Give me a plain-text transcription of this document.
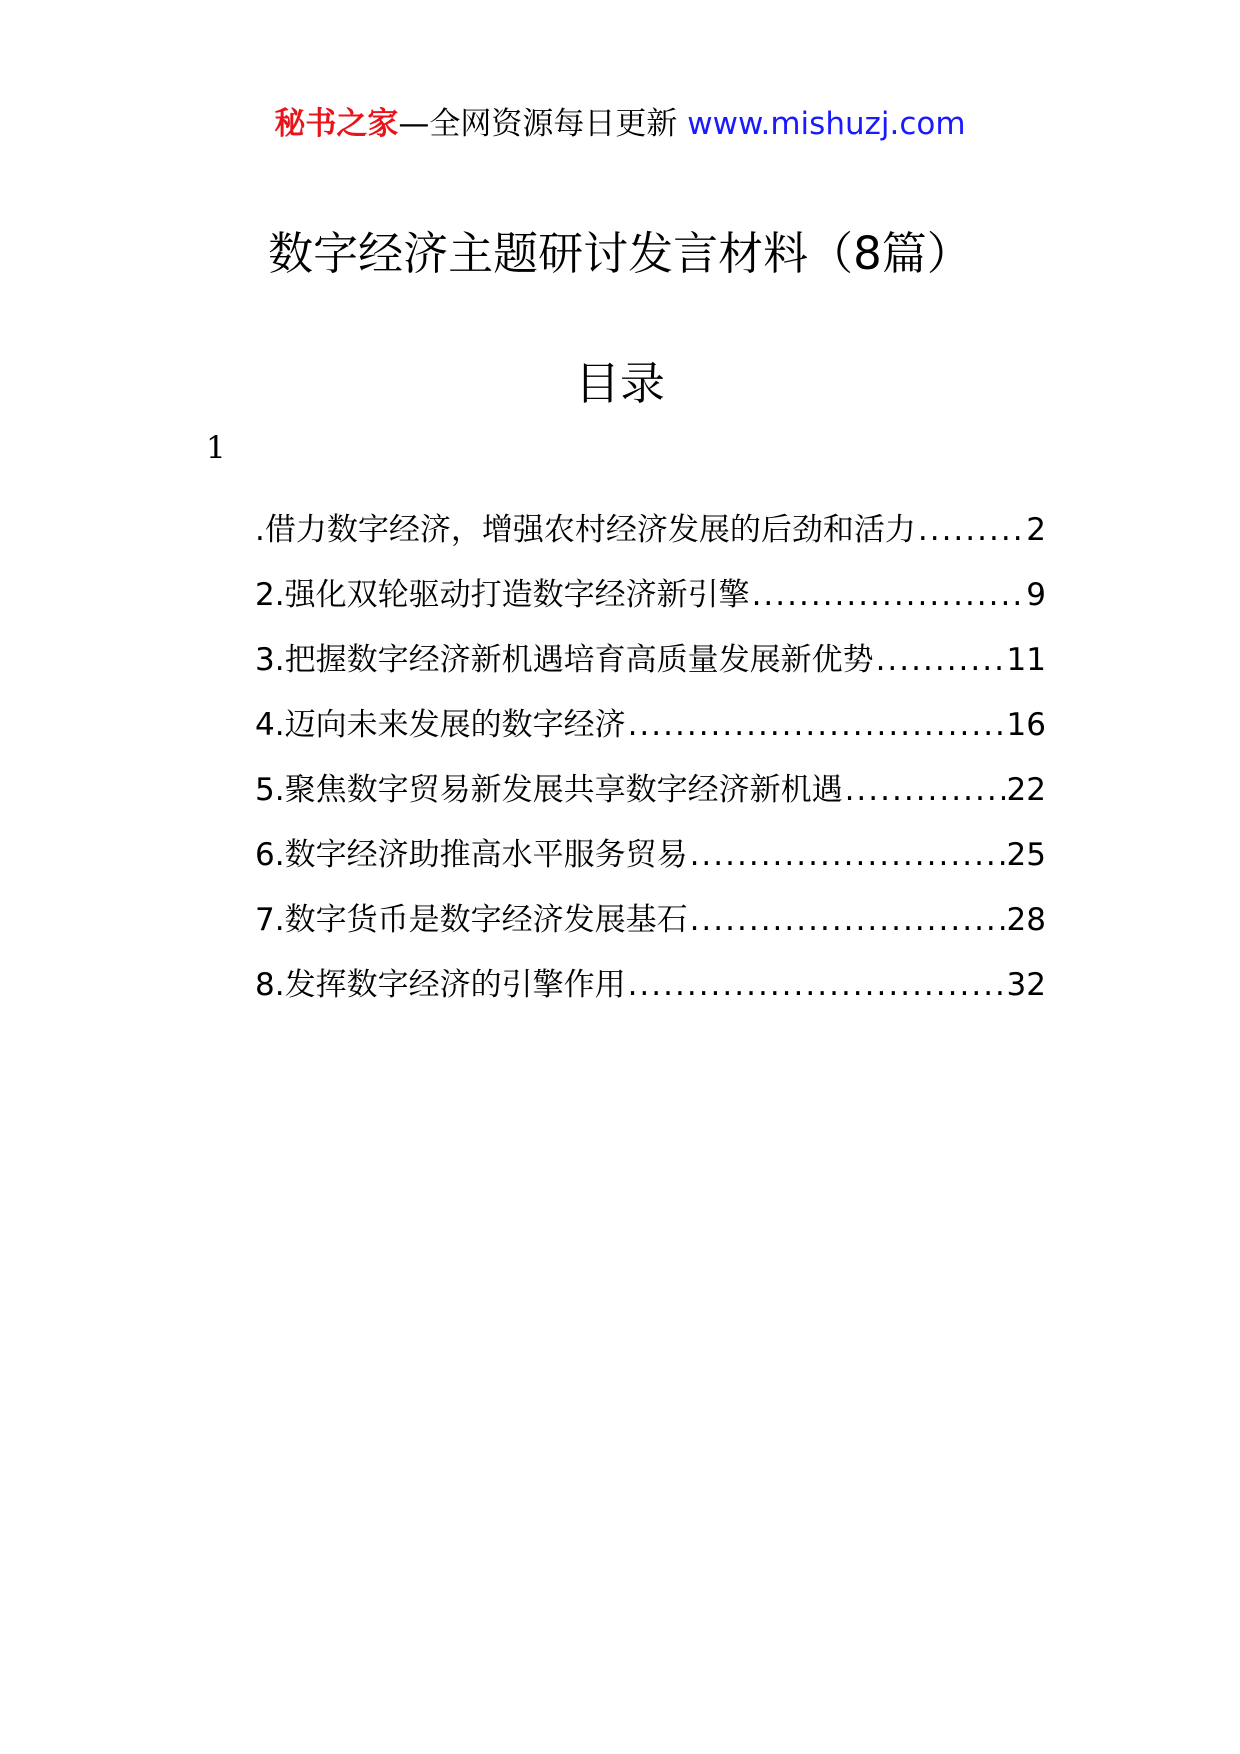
秘书之家—全网资源每日更新 www.mishuzj.com
数字经济主题研讨发言材料（8篇）
目录
1
.借力数字经济，增强农村经济发展的后劲和活力 .....	2
2.强化双轮驱动打造数字经济新引擎 .....	9
3.把握数字经济新机遇培育高质量发展新优势 .....	11
4.迈向未来发展的数字经济 .....	16
5.聚焦数字贸易新发展共享数字经济新机遇 .....	22
6.数字经济助推高水平服务贸易 .....	25
7.数字货币是数字经济发展基石 .....	28
8.发挥数字经济的引擎作用 .....	32
